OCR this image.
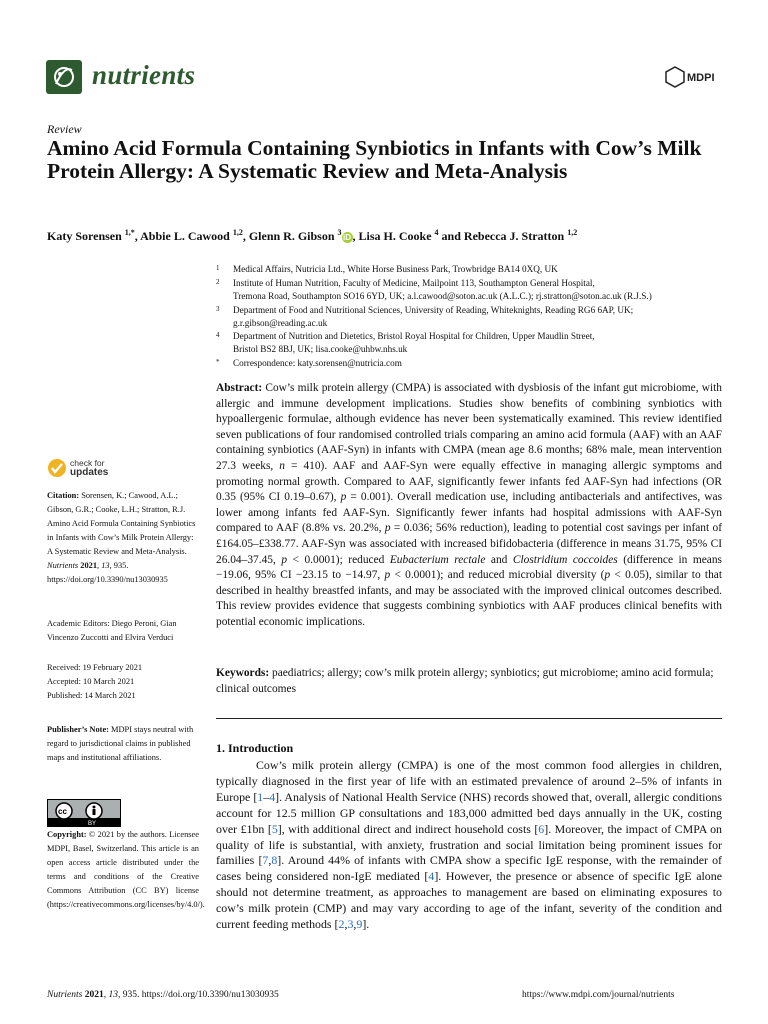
nutrients	MDPI
Review
Amino Acid Formula Containing Synbiotics in Infants with Cow’s Milk Protein Allergy: A Systematic Review and Meta-Analysis
Katy Sorensen $^{1,*}$, Abbie L. Cawood $^{1,2}$, Glenn R. Gibson $^3$iD , Lisa H. Cooke $^4$ and Rebecca J. Stratton $^{1,2}$
1 Medical Affairs, Nutricia Ltd., White Horse Business Park, Trowbridge BA14 0XQ, UK
2 Institute of Human Nutrition, Faculty of Medicine, Mailpoint 113, Southampton General Hospital,
Tremona Road, Southampton SO16 6YD, UK; a.l.cawood@soton.ac.uk (A.L.C.); rj.stratton@soton.ac.uk (R.J.S.)
3 Department of Food and Nutritional Sciences, University of Reading, Whiteknights, Reading RG6 6AP, UK;
g.r.gibson@reading.ac.uk
4 Department of Nutrition and Dietetics, Bristol Royal Hospital for Children, Upper Maudlin Street,
Bristol BS2 8BJ, UK; lisa.cooke@uhbw.nhs.uk
* Correspondence: katy.sorensen@nutricia.com
Abstract: Cow’s milk protein allergy (CMPA) is associated with dysbiosis of the infant gut microbiome, with allergic and immune development implications. Studies show benefits of combining synbiotics with hypoallergenic formulae, although evidence has never been systematically examined. This review identified seven publications of four randomised controlled trials comparing an amino acid formula (AAF) with an AAF containing synbiotics (AAF-Syn) in infants with CMPA (mean age 8.6 months; 68% male, mean intervention 27.3 weeks, n = 410). AAF and AAF-Syn were equally effective in managing allergic symptoms and promoting normal growth. Compared to AAF, significantly fewer infants fed AAF-Syn had infections (OR 0.35 (95% CI 0.19–0.67), p = 0.001). Overall medication use, including antibacterials and antifectives, was lower among infants fed AAF-Syn. Significantly fewer infants had hospital admissions with AAF-Syn compared to AAF (8.8% vs. 20.2%, p = 0.036; 56% reduction), leading to potential cost savings per infant of £164.05–£338.77. AAF-Syn was associated with increased bifidobacteria (difference in means 31.75, 95% CI 26.04–37.45, p < 0.0001); reduced Eubacterium rectale and Clostridium coccoides (difference in means −19.06, 95% CI −23.15 to −14.97, p < 0.0001); and reduced microbial diversity (p < 0.05), similar to that described in healthy breastfed infants, and may be associated with the improved clinical outcomes described. This review provides evidence that suggests combining synbiotics with AAF produces clinical benefits with potential economic implications.
Keywords: paediatrics; allergy; cow’s milk protein allergy; synbiotics; gut microbiome; amino acid formula; clinical outcomes
1. Introduction
Cow’s milk protein allergy (CMPA) is one of the most common food allergies in children, typically diagnosed in the first year of life with an estimated prevalence of around 2–5% of infants in Europe [1–4]. Analysis of National Health Service (NHS) records showed that, overall, allergic conditions account for 12.5 million GP consultations and 183,000 admitted bed days annually in the UK, costing over £1bn [5], with additional direct and indirect household costs [6]. Moreover, the impact of CMPA on quality of life is substantial, with anxiety, frustration and social limitation being prominent issues for families [7,8]. Around 44% of infants with CMPA show a specific IgE response, with the remainder of cases being considered non-IgE mediated [4]. However, the presence or absence of specific IgE alone should not determine treatment, as approaches to management are based on eliminating exposures to cow’s milk protein (CMP) and may vary according to age of the infant, severity of the condition and current feeding methods [2,3,9].
check for
updates
Citation: Sorensen, K.; Cawood, A.L.; Gibson, G.R.; Cooke, L.H.; Stratton, R.J. Amino Acid Formula Containing Synbiotics in Infants with Cow’s Milk Protein Allergy: A Systematic Review and Meta-Analysis. Nutrients 2021, 13, 935. https://doi.org/10.3390/nu13030935
Academic Editors: Diego Peroni, Gian Vincenzo Zuccotti and Elvira Verduci
Received: 19 February 2021
Accepted: 10 March 2021
Published: 14 March 2021
Publisher’s Note: MDPI stays neutral with regard to jurisdictional claims in published maps and institutional affiliations.
cc
BY
Copyright: © 2021 by the authors. Licensee MDPI, Basel, Switzerland. This article is an open access article distributed under the terms and conditions of the Creative Commons Attribution (CC BY) license (https://creativecommons.org/licenses/by/4.0/).
Nutrients 2021, 13, 935. https://doi.org/10.3390/nu13030935	https://www.mdpi.com/journal/nutrients
